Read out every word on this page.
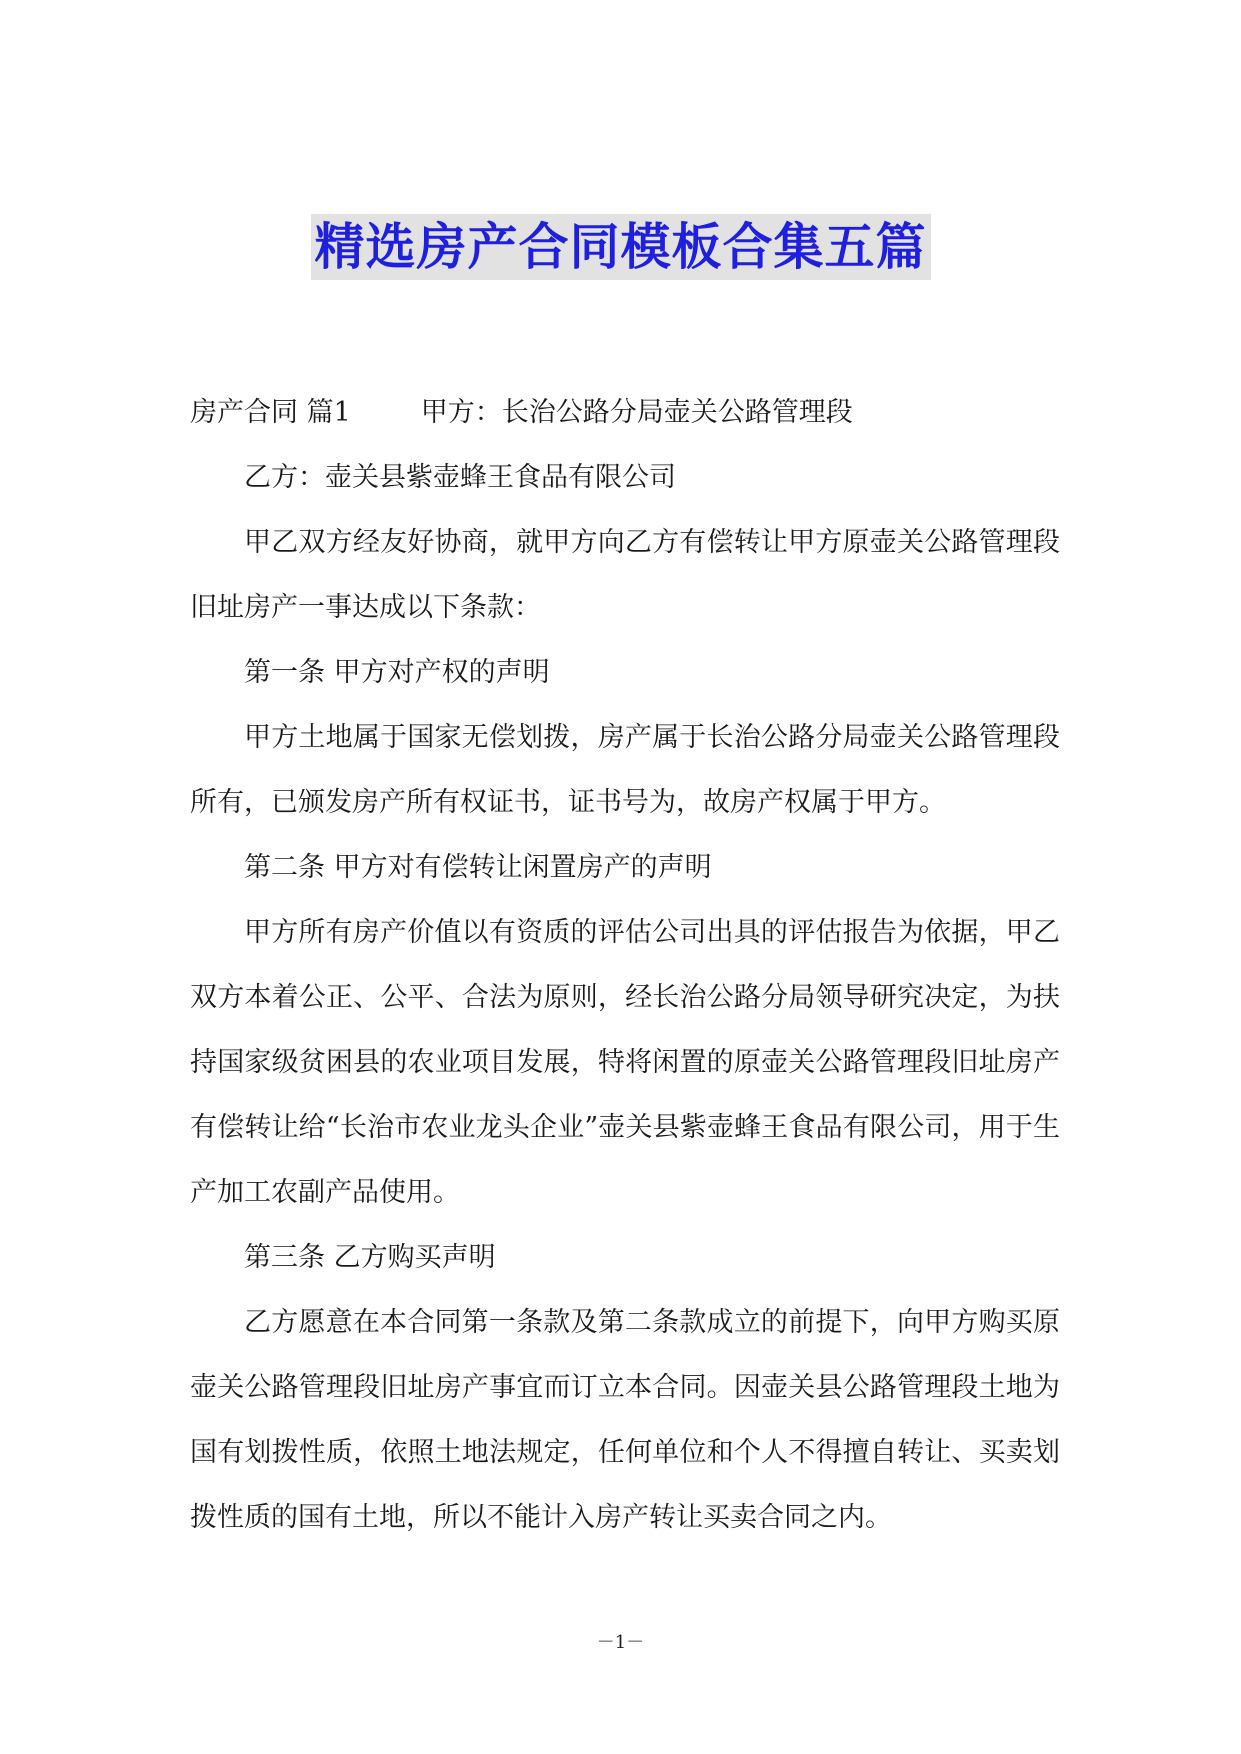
精选房产合同模板合集五篇

房产合同 篇1	甲方：长治公路分局壶关公路管理段

乙方：壶关县紫壶蜂王食品有限公司

甲乙双方经友好协商，就甲方向乙方有偿转让甲方原壶关公路管理段旧址房产一事达成以下条款：

第一条 甲方对产权的声明

甲方土地属于国家无偿划拨，房产属于长治公路分局壶关公路管理段所有，已颁发房产所有权证书，证书号为，故房产权属于甲方。

第二条 甲方对有偿转让闲置房产的声明

甲方所有房产价值以有资质的评估公司出具的评估报告为依据，甲乙双方本着公正、公平、合法为原则，经长治公路分局领导研究决定，为扶持国家级贫困县的农业项目发展，特将闲置的原壶关公路管理段旧址房产有偿转让给“长治市农业龙头企业”壶关县紫壶蜂王食品有限公司，用于生产加工农副产品使用。

第三条 乙方购买声明

乙方愿意在本合同第一条款及第二条款成立的前提下，向甲方购买原壶关公路管理段旧址房产事宜而订立本合同。因壶关县公路管理段土地为国有划拨性质，依照土地法规定，任何单位和个人不得擅自转让、买卖划拨性质的国有土地，所以不能计入房产转让买卖合同之内。

－1－
